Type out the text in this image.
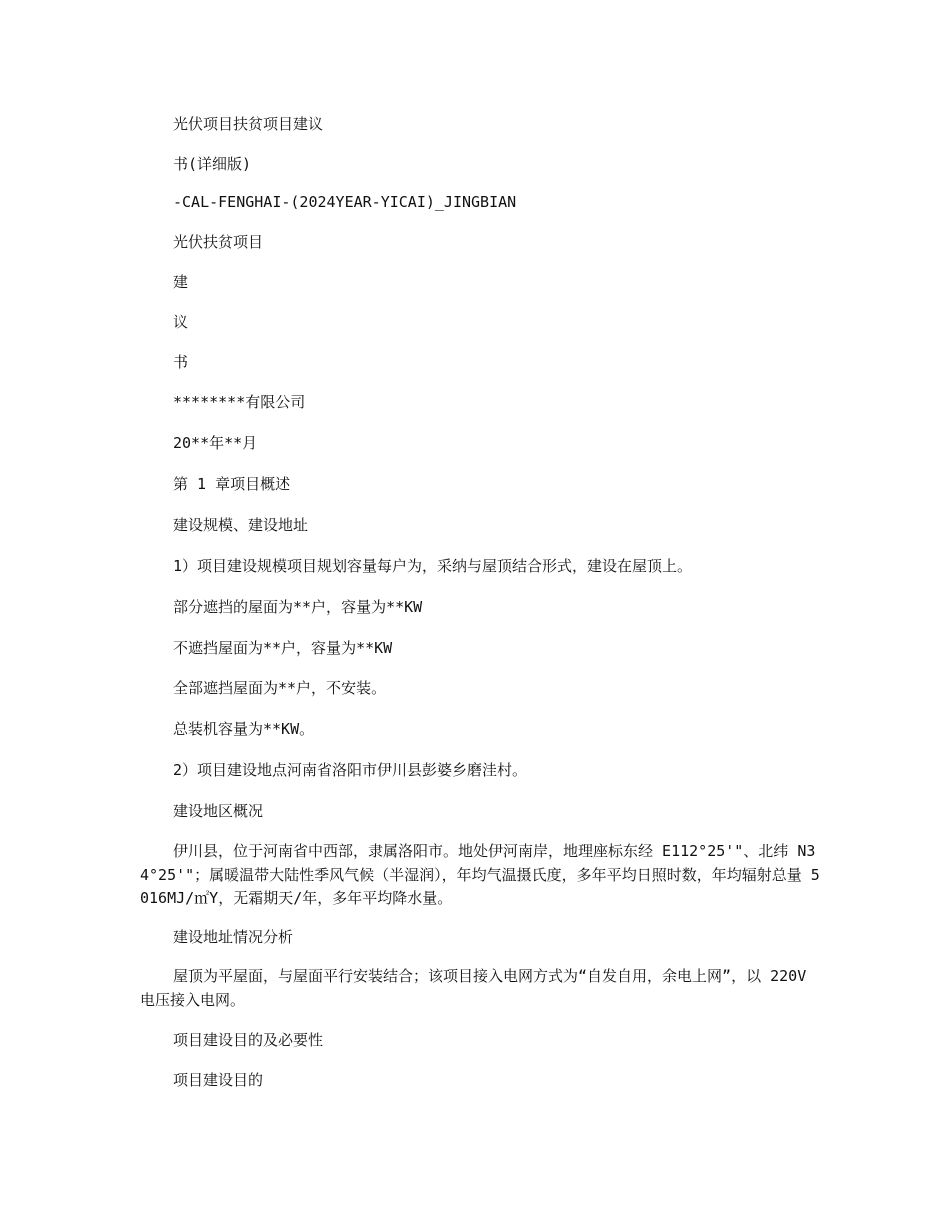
光伏项目扶贫项目建议
书(详细版)
-CAL-FENGHAI-(2024YEAR-YICAI)_JINGBIAN
光伏扶贫项目
建
议
书
********有限公司
20**年**月
第 1 章项目概述
建设规模、建设地址
1）项目建设规模项目规划容量每户为，采纳与屋顶结合形式，建设在屋顶上。
部分遮挡的屋面为**户，容量为**KW
不遮挡屋面为**户，容量为**KW
全部遮挡屋面为**户，不安装。
总装机容量为**KW。
2）项目建设地点河南省洛阳市伊川县彭婆乡磨洼村。
建设地区概况
伊川县，位于河南省中西部，隶属洛阳市。地处伊河南岸，地理座标东经 E112°25'"、北纬 N34°25'"；属暖温带大陆性季风气候（半湿润），年均气温摄氏度，多年平均日照时数，年均辐射总量 5016MJ/㎡Y，无霜期天/年，多年平均降水量。
建设地址情况分析
屋顶为平屋面，与屋面平行安装结合；该项目接入电网方式为“自发自用，余电上网”，以 220V 电压接入电网。
项目建设目的及必要性
项目建设目的
